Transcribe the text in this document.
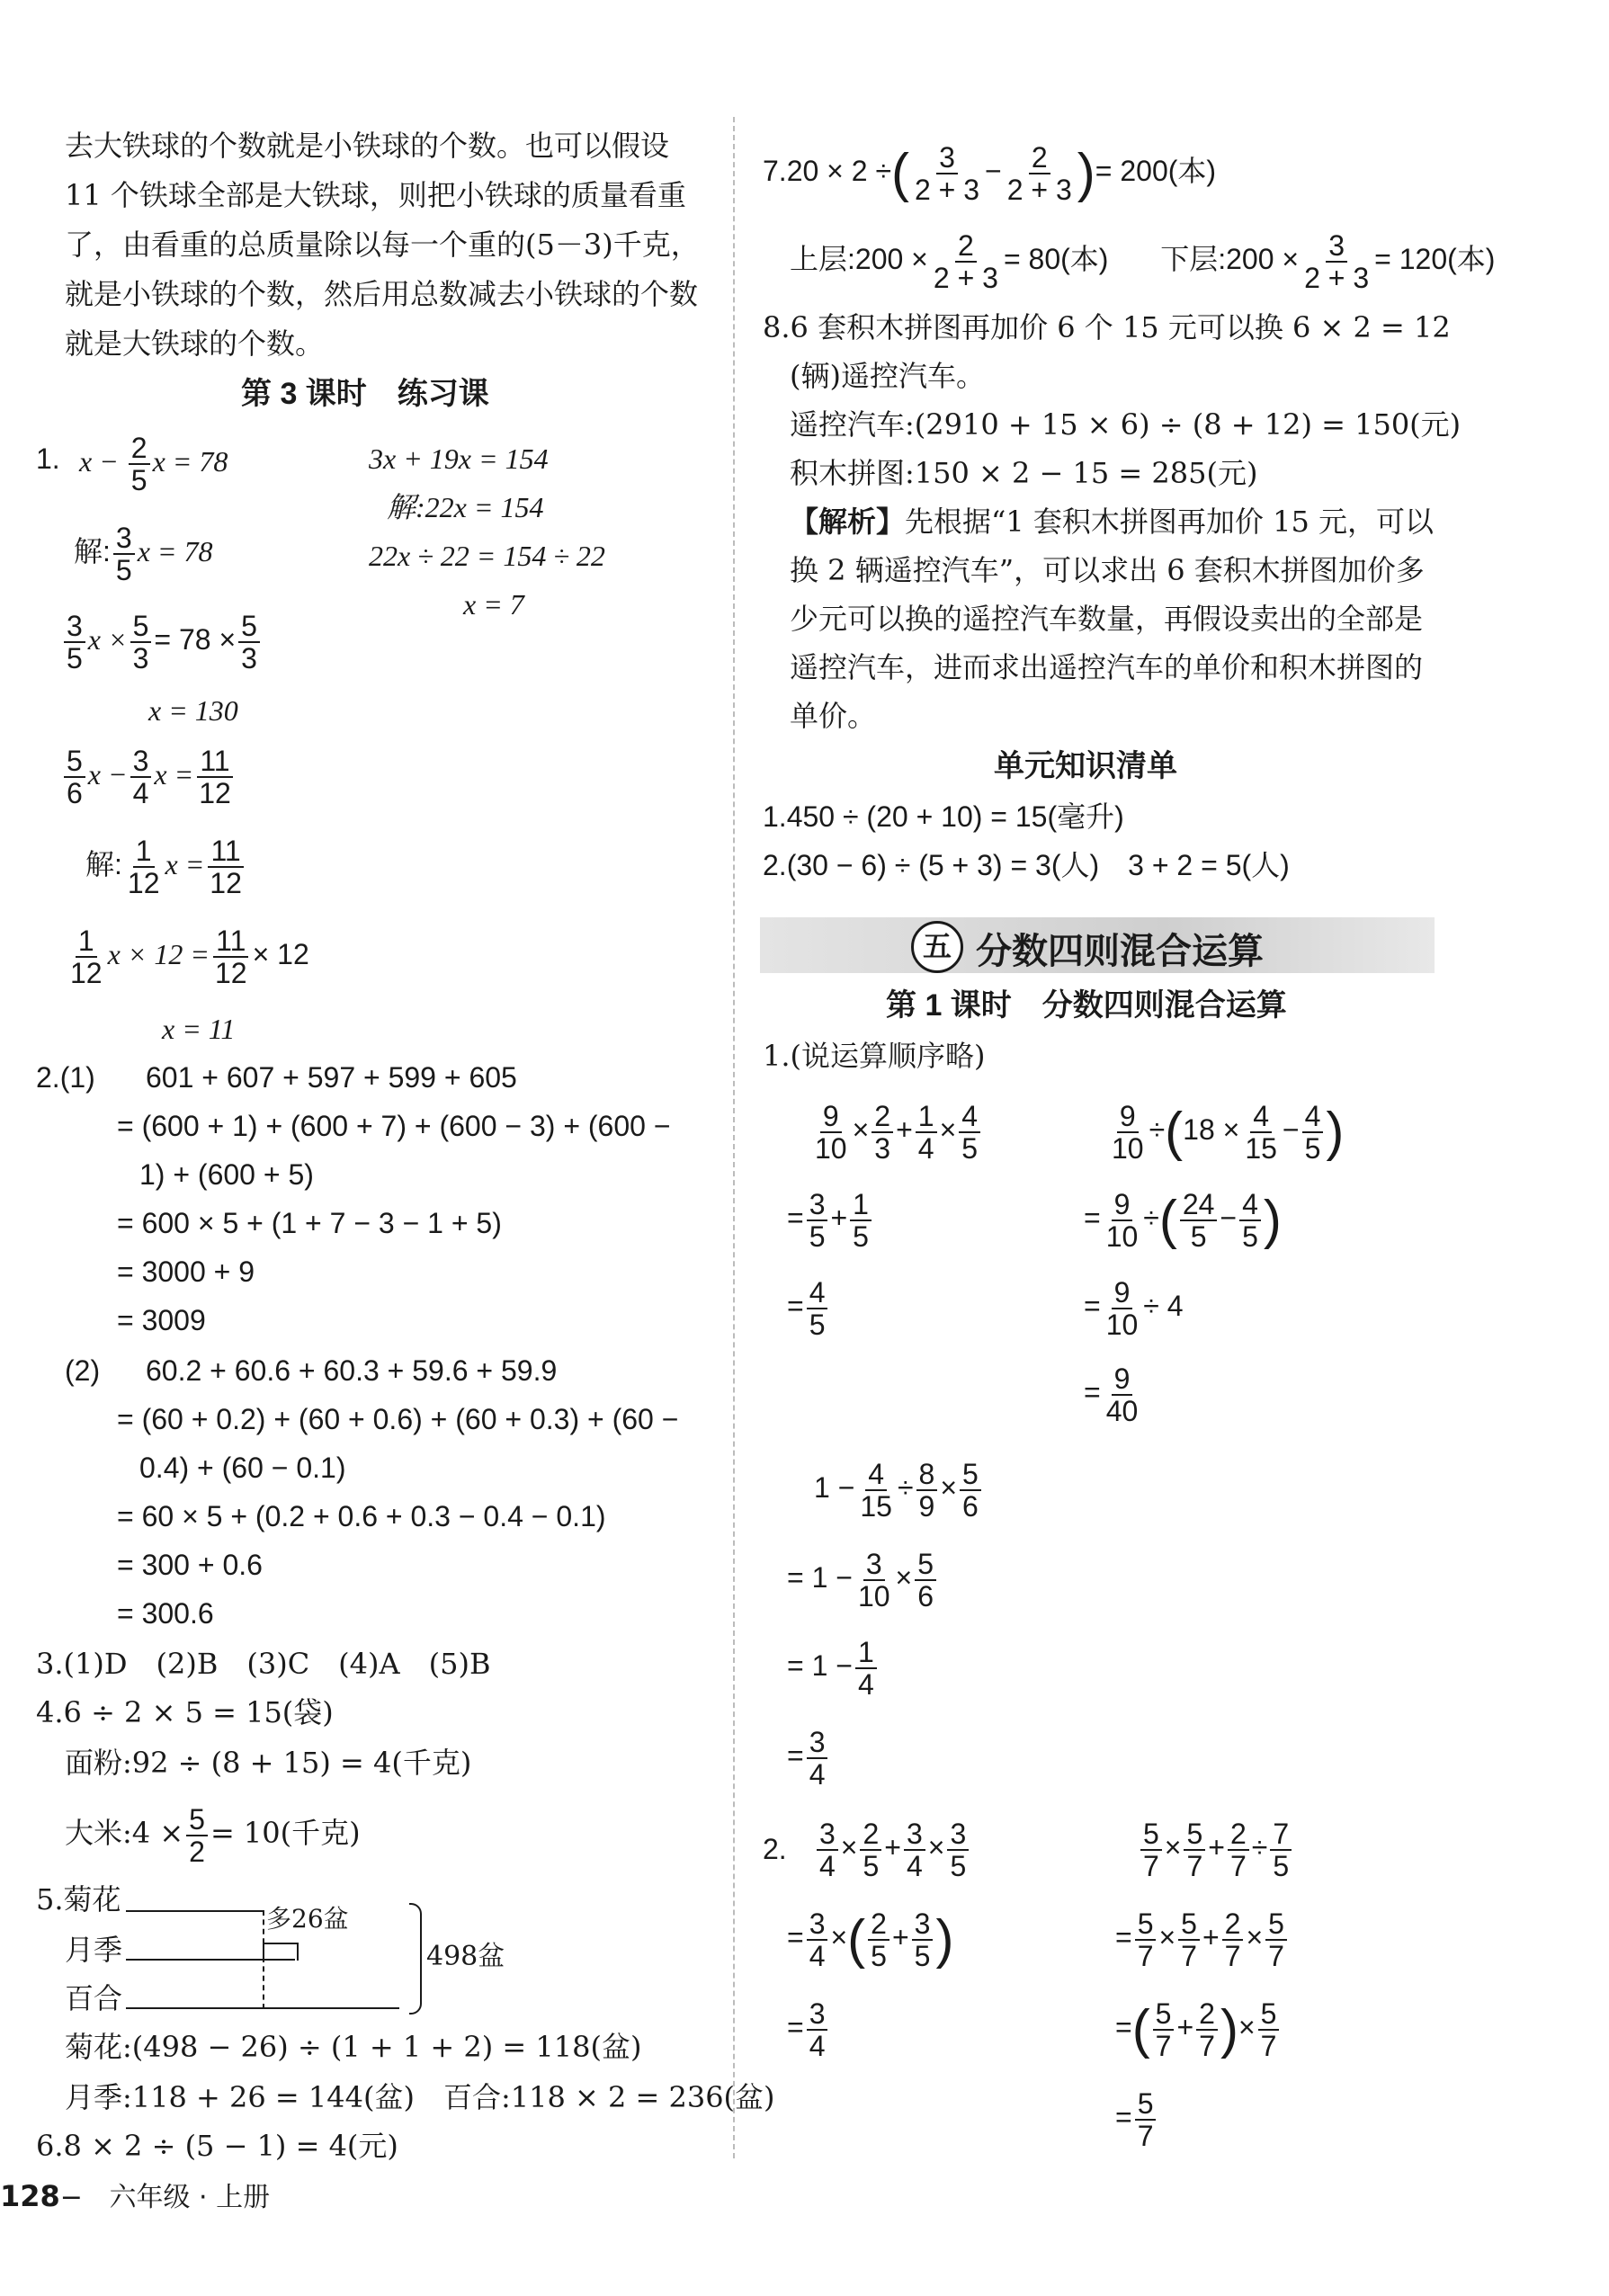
去大铁球的个数就是小铁球的个数。也可以假设
11 个铁球全部是大铁球，则把小铁球的质量看重
了，由看重的总质量除以每一个重的(5－3)千克，
就是小铁球的个数，然后用总数减去小铁球的个数
就是大铁球的个数。
第 3 课时　练习课
1. $x - \frac{2}{5}$ x = 78
解: $\frac{3}{5}$ x = 78
$\frac{3}{5}$ $x \times \frac{5}{3} = 78 \times \frac{5}{3}$
x = 130
3x + 19x = 154
解:22x = 154
22x ÷ 22 = 154 ÷ 22
x = 7
$\frac{5}{6}$ $x - \frac{3}{4}$ $x = \frac{11}{12}$
解: $\frac{1}{12}$ $x = \frac{11}{12}$
$\frac{1}{12}$ $x \times 12 = \frac{11}{12} \times 12$
x = 11
2.(1) 601 + 607 + 597 + 599 + 605
= (600 + 1) + (600 + 7) + (600 − 3) + (600 −
1) + (600 + 5)
= 600 × 5 + (1 + 7 − 3 − 1 + 5)
= 3000 + 9
= 3009
(2) 60.2 + 60.6 + 60.3 + 59.6 + 59.9
= (60 + 0.2) + (60 + 0.6) + (60 + 0.3) + (60 −
0.4) + (60 − 0.1)
= 60 × 5 + (0.2 + 0.6 + 0.3 − 0.4 − 0.1)
= 300 + 0.6
= 300.6
3.(1)D　(2)B　(3)C　(4)A　(5)B
4.6 ÷ 2 × 5 = 15(袋)
面粉:92 ÷ (8 + 15) = 4(千克)
大米:4 × $\frac{5}{2} = 10$(千克)
5.菊花
月季
百合
多26盆
498盆
菊花:(498 − 26) ÷ (1 + 1 + 2) = 118(盆)
月季:118 + 26 = 144(盆)　百合:118 × 2 = 236(盆)
6.8 × 2 ÷ (5 − 1) = 4(元)
7.20 × 2 ÷( $\frac{3}{2 + 3} - \frac{2}{2 + 3}$ )= 200(本)
上层:200 × $\frac{2}{2 + 3} = 80$(本) 下层:200 × $\frac{3}{2 + 3} = 120$(本)
8.6 套积木拼图再加价 6 个 15 元可以换 6 × 2 = 12
(辆)遥控汽车。
遥控汽车:(2910 + 15 × 6) ÷ (8 + 12) = 150(元)
积木拼图:150 × 2 − 15 = 285(元)
【解析】先根据“1 套积木拼图再加价 15 元，可以
换 2 辆遥控汽车”，可以求出 6 套积木拼图加价多
少元可以换的遥控汽车数量，再假设卖出的全部是
遥控汽车，进而求出遥控汽车的单价和积木拼图的
单价。
单元知识清单
1.450 ÷ (20 + 10) = 15(毫升)
2.(30 − 6) ÷ (5 + 3) = 3(人)　3 + 2 = 5(人)
五 分数四则混合运算
第 1 课时　分数四则混合运算
1.(说运算顺序略)
$\frac{9}{10} \times \frac{2}{3} + \frac{1}{4} \times \frac{4}{5}$
= $\frac{3}{5} + \frac{1}{5}$
= $\frac{4}{5}$
$\frac{9}{10} \div(18 \times \frac{4}{15} - \frac{4}{5}$ )
= $\frac{9}{10}$ ÷( $\frac{24}{5} - \frac{4}{5}$ )
= $\frac{9}{10} \div 4$
= $\frac{9}{40}$
$1 - \frac{4}{15} \div \frac{8}{9} \times \frac{5}{6}$
= $1 - \frac{3}{10} \times \frac{5}{6}$
= $1 - \frac{1}{4}$
= $\frac{3}{4}$
2. $\frac{3}{4} \times \frac{2}{5} + \frac{3}{4} \times \frac{3}{5}$
= $\frac{3}{4}$ ×( $\frac{2}{5} + \frac{3}{5}$ )
= $\frac{3}{4}$
$\frac{5}{7} \times \frac{5}{7} + \frac{2}{7} \div \frac{7}{5}$
= $\frac{5}{7} \times \frac{5}{7} + \frac{2}{7} \times \frac{5}{7}$
=( $\frac{5}{7} + \frac{2}{7}$ )× $\frac{5}{7}$
= $\frac{5}{7}$
128− 六年级 · 上册
